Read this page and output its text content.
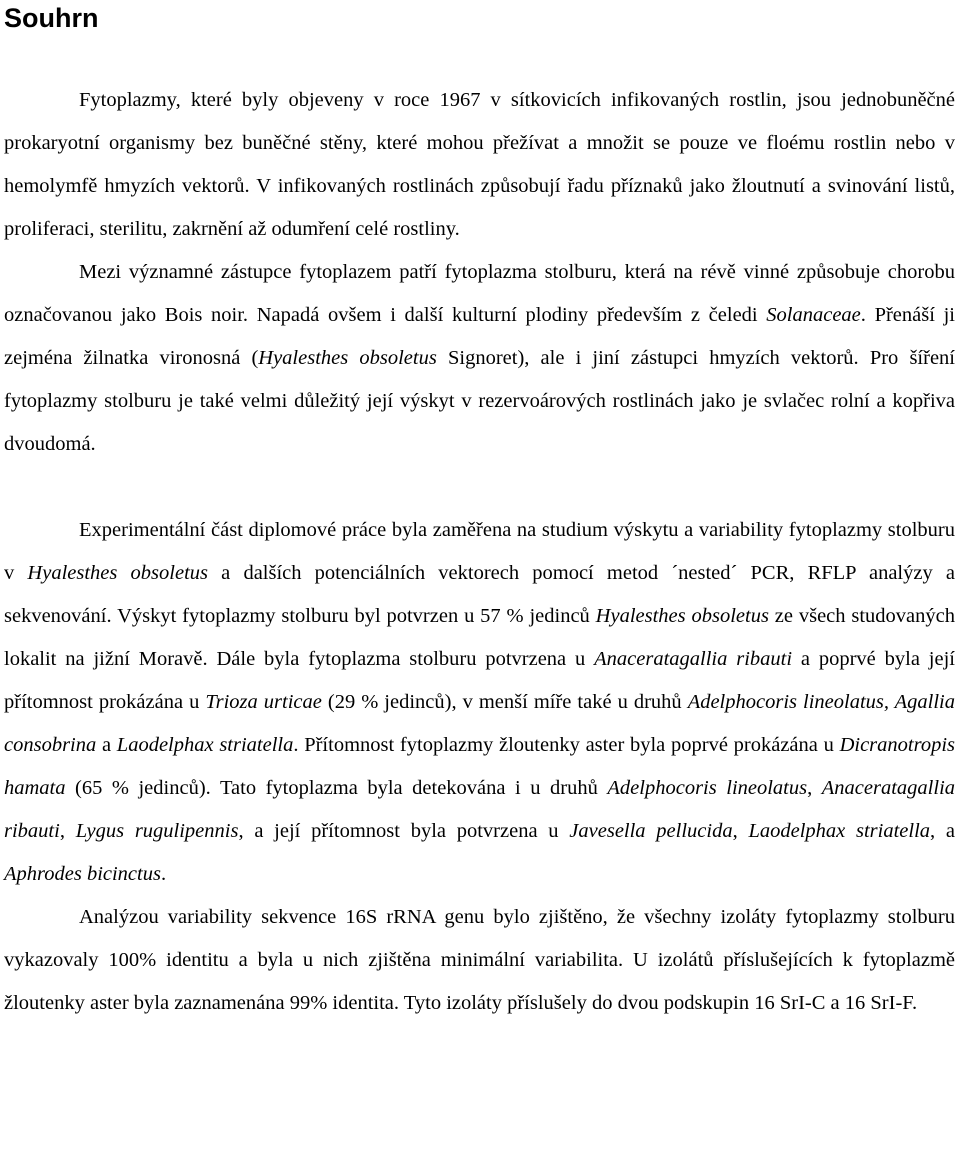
Souhrn

Fytoplazmy, které byly objeveny v roce 1967 v sítkovicích infikovaných rostlin, jsou jednobuněčné prokaryotní organismy bez buněčné stěny, které mohou přežívat a množit se pouze ve floému rostlin nebo v hemolymfě hmyzích vektorů. V infikovaných rostlinách způsobují řadu příznaků jako žloutnutí a svinování listů, proliferaci, sterilitu, zakrnění až odumření celé rostliny.

Mezi významné zástupce fytoplazem patří fytoplazma stolburu, která na révě vinné způsobuje chorobu označovanou jako Bois noir. Napadá ovšem i další kulturní plodiny především z čeledi Solanaceae. Přenáší ji zejména žilnatka vironosná (Hyalesthes obsoletus Signoret), ale i jiní zástupci hmyzích vektorů. Pro šíření fytoplazmy stolburu je také velmi důležitý její výskyt v rezervoárových rostlinách jako je svlačec rolní a kopřiva dvoudomá.

Experimentální část diplomové práce byla zaměřena na studium výskytu a variability fytoplazmy stolburu v Hyalesthes obsoletus a dalších potenciálních vektorech pomocí metod ´nested´ PCR, RFLP analýzy a sekvenování. Výskyt fytoplazmy stolburu byl potvrzen u 57 % jedinců Hyalesthes obsoletus ze všech studovaných lokalit na jižní Moravě. Dále byla fytoplazma stolburu potvrzena u Anaceratagallia ribauti a poprvé byla její přítomnost prokázána u Trioza urticae (29 % jedinců), v menší míře také u druhů Adelphocoris lineolatus, Agallia consobrina a Laodelphax striatella. Přítomnost fytoplazmy žloutenky aster byla poprvé prokázána u Dicranotropis hamata (65 % jedinců). Tato fytoplazma byla detekována i u druhů Adelphocoris lineolatus, Anaceratagallia ribauti, Lygus rugulipennis, a její přítomnost byla potvrzena u Javesella pellucida, Laodelphax striatella, a Aphrodes bicinctus.

Analýzou variability sekvence 16S rRNA genu bylo zjištěno, že všechny izoláty fytoplazmy stolburu vykazovaly 100% identitu a byla u nich zjištěna minimální variabilita. U izolátů příslušejících k fytoplazmě žloutenky aster byla zaznamenána 99% identita. Tyto izoláty příslušely do dvou podskupin 16 SrI-C a 16 SrI-F.
